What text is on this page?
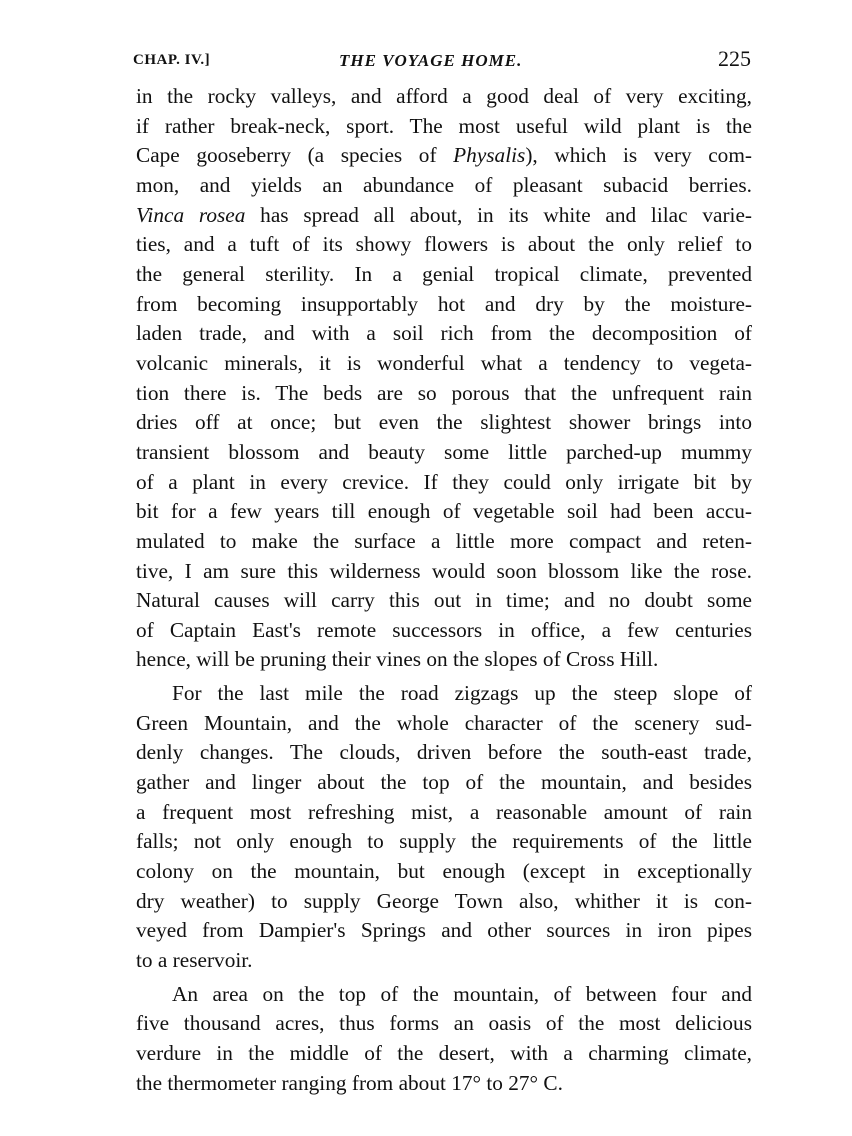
CHAP. IV.]	THE VOYAGE HOME.	225
in the rocky valleys, and afford a good deal of very exciting,
if rather break-neck, sport. The most useful wild plant is the
Cape gooseberry (a species of Physalis), which is very com-
mon, and yields an abundance of pleasant subacid berries.
Vinca rosea has spread all about, in its white and lilac varie-
ties, and a tuft of its showy flowers is about the only relief to
the general sterility. In a genial tropical climate, prevented
from becoming insupportably hot and dry by the moisture-
laden trade, and with a soil rich from the decomposition of
volcanic minerals, it is wonderful what a tendency to vegeta-
tion there is. The beds are so porous that the unfrequent rain
dries off at once; but even the slightest shower brings into
transient blossom and beauty some little parched-up mummy
of a plant in every crevice. If they could only irrigate bit by
bit for a few years till enough of vegetable soil had been accu-
mulated to make the surface a little more compact and reten-
tive, I am sure this wilderness would soon blossom like the rose.
Natural causes will carry this out in time; and no doubt some
of Captain East's remote successors in office, a few centuries
hence, will be pruning their vines on the slopes of Cross Hill.
For the last mile the road zigzags up the steep slope of
Green Mountain, and the whole character of the scenery sud-
denly changes. The clouds, driven before the south-east trade,
gather and linger about the top of the mountain, and besides
a frequent most refreshing mist, a reasonable amount of rain
falls; not only enough to supply the requirements of the little
colony on the mountain, but enough (except in exceptionally
dry weather) to supply George Town also, whither it is con-
veyed from Dampier's Springs and other sources in iron pipes
to a reservoir.
An area on the top of the mountain, of between four and
five thousand acres, thus forms an oasis of the most delicious
verdure in the middle of the desert, with a charming climate,
the thermometer ranging from about 17° to 27° C.
